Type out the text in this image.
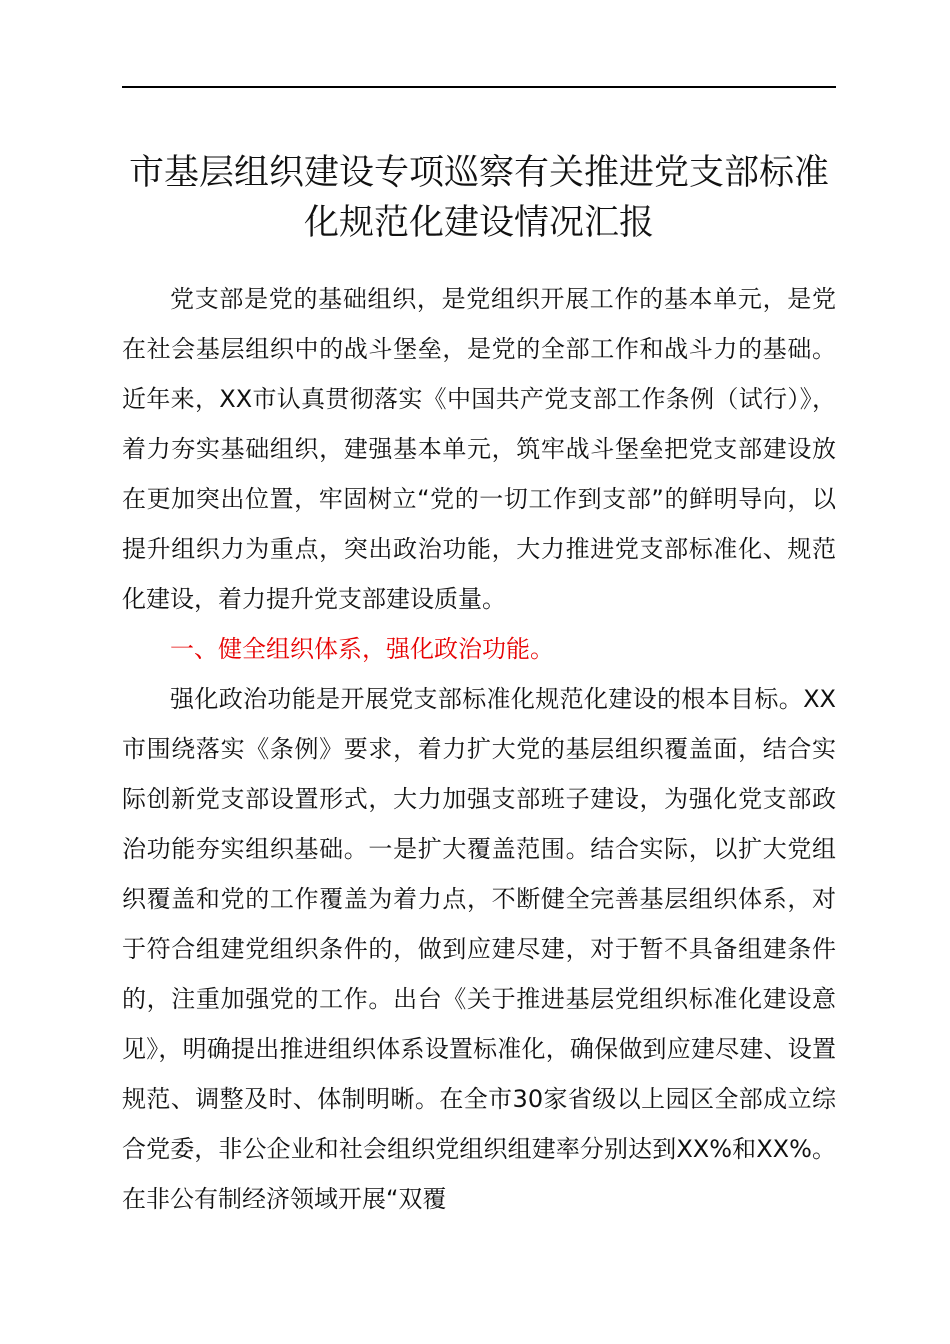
市基层组织建设专项巡察有关推进党支部标准化规范化建设情况汇报

党支部是党的基础组织，是党组织开展工作的基本单元，是党在社会基层组织中的战斗堡垒，是党的全部工作和战斗力的基础。近年来，XX市认真贯彻落实《中国共产党支部工作条例（试行）》，着力夯实基础组织，建强基本单元，筑牢战斗堡垒把党支部建设放在更加突出位置，牢固树立“党的一切工作到支部”的鲜明导向，以提升组织力为重点，突出政治功能，大力推进党支部标准化、规范化建设，着力提升党支部建设质量。

一、健全组织体系，强化政治功能。

强化政治功能是开展党支部标准化规范化建设的根本目标。XX市围绕落实《条例》要求，着力扩大党的基层组织覆盖面，结合实际创新党支部设置形式，大力加强支部班子建设，为强化党支部政治功能夯实组织基础。一是扩大覆盖范围。结合实际，以扩大党组织覆盖和党的工作覆盖为着力点，不断健全完善基层组织体系，对于符合组建党组织条件的，做到应建尽建，对于暂不具备组建条件的，注重加强党的工作。出台《关于推进基层党组织标准化建设意见》，明确提出推进组织体系设置标准化，确保做到应建尽建、设置规范、调整及时、体制明晰。在全市30家省级以上园区全部成立综合党委，非公企业和社会组织党组织组建率分别达到XX%和XX%。在非公有制经济领域开展“双覆
